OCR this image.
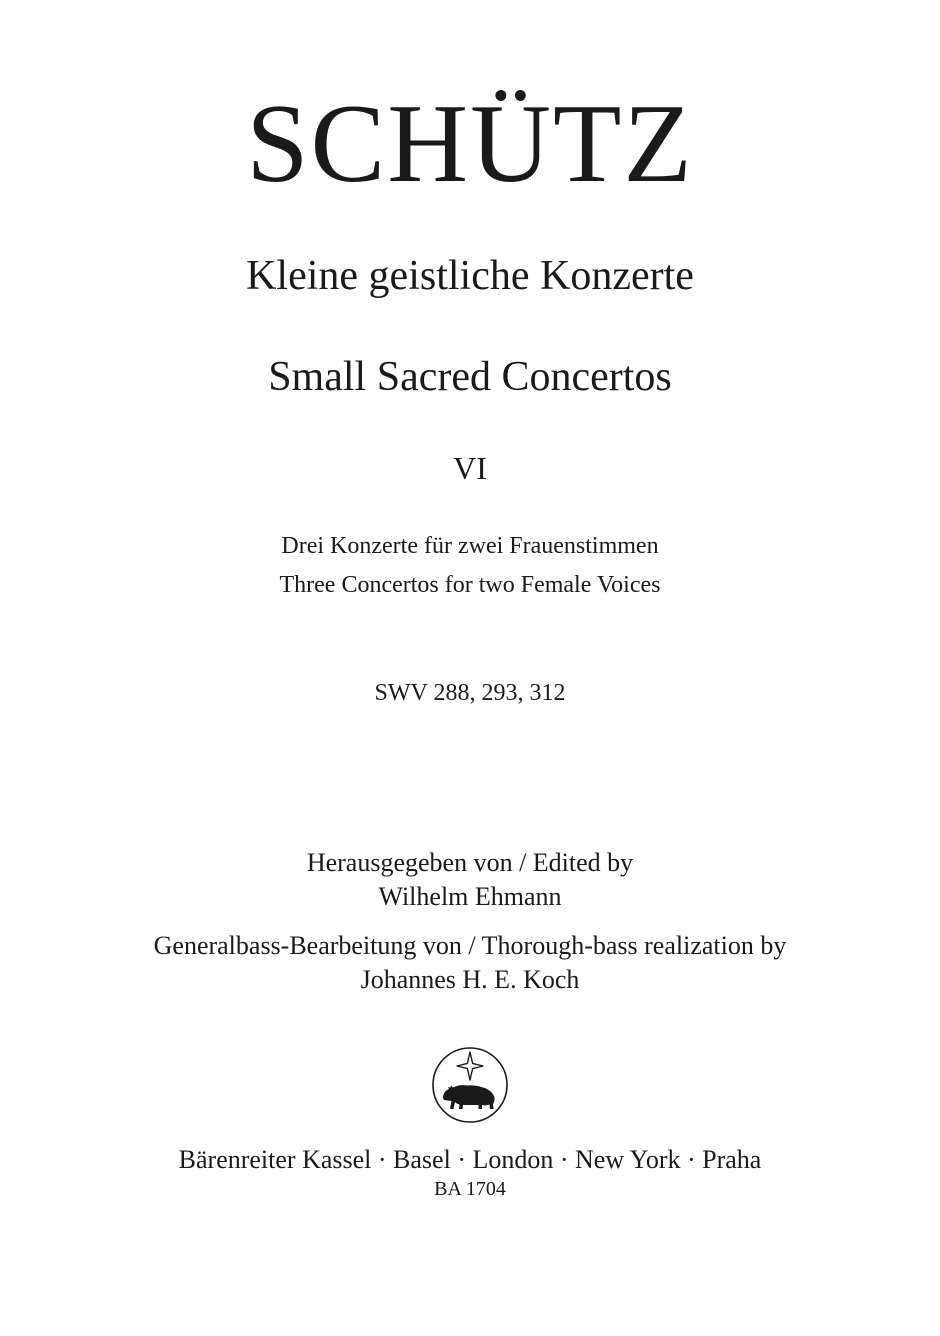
SCHÜTZ
Kleine geistliche Konzerte
Small Sacred Concertos
VI
Drei Konzerte für zwei Frauenstimmen
Three Concertos for two Female Voices
SWV 288, 293, 312
Herausgegeben von / Edited by
Wilhelm Ehmann
Generalbass-Bearbeitung von / Thorough-bass realization by
Johannes H. E. Koch
Bärenreiter Kassel · Basel · London · New York · Praha
BA 1704
